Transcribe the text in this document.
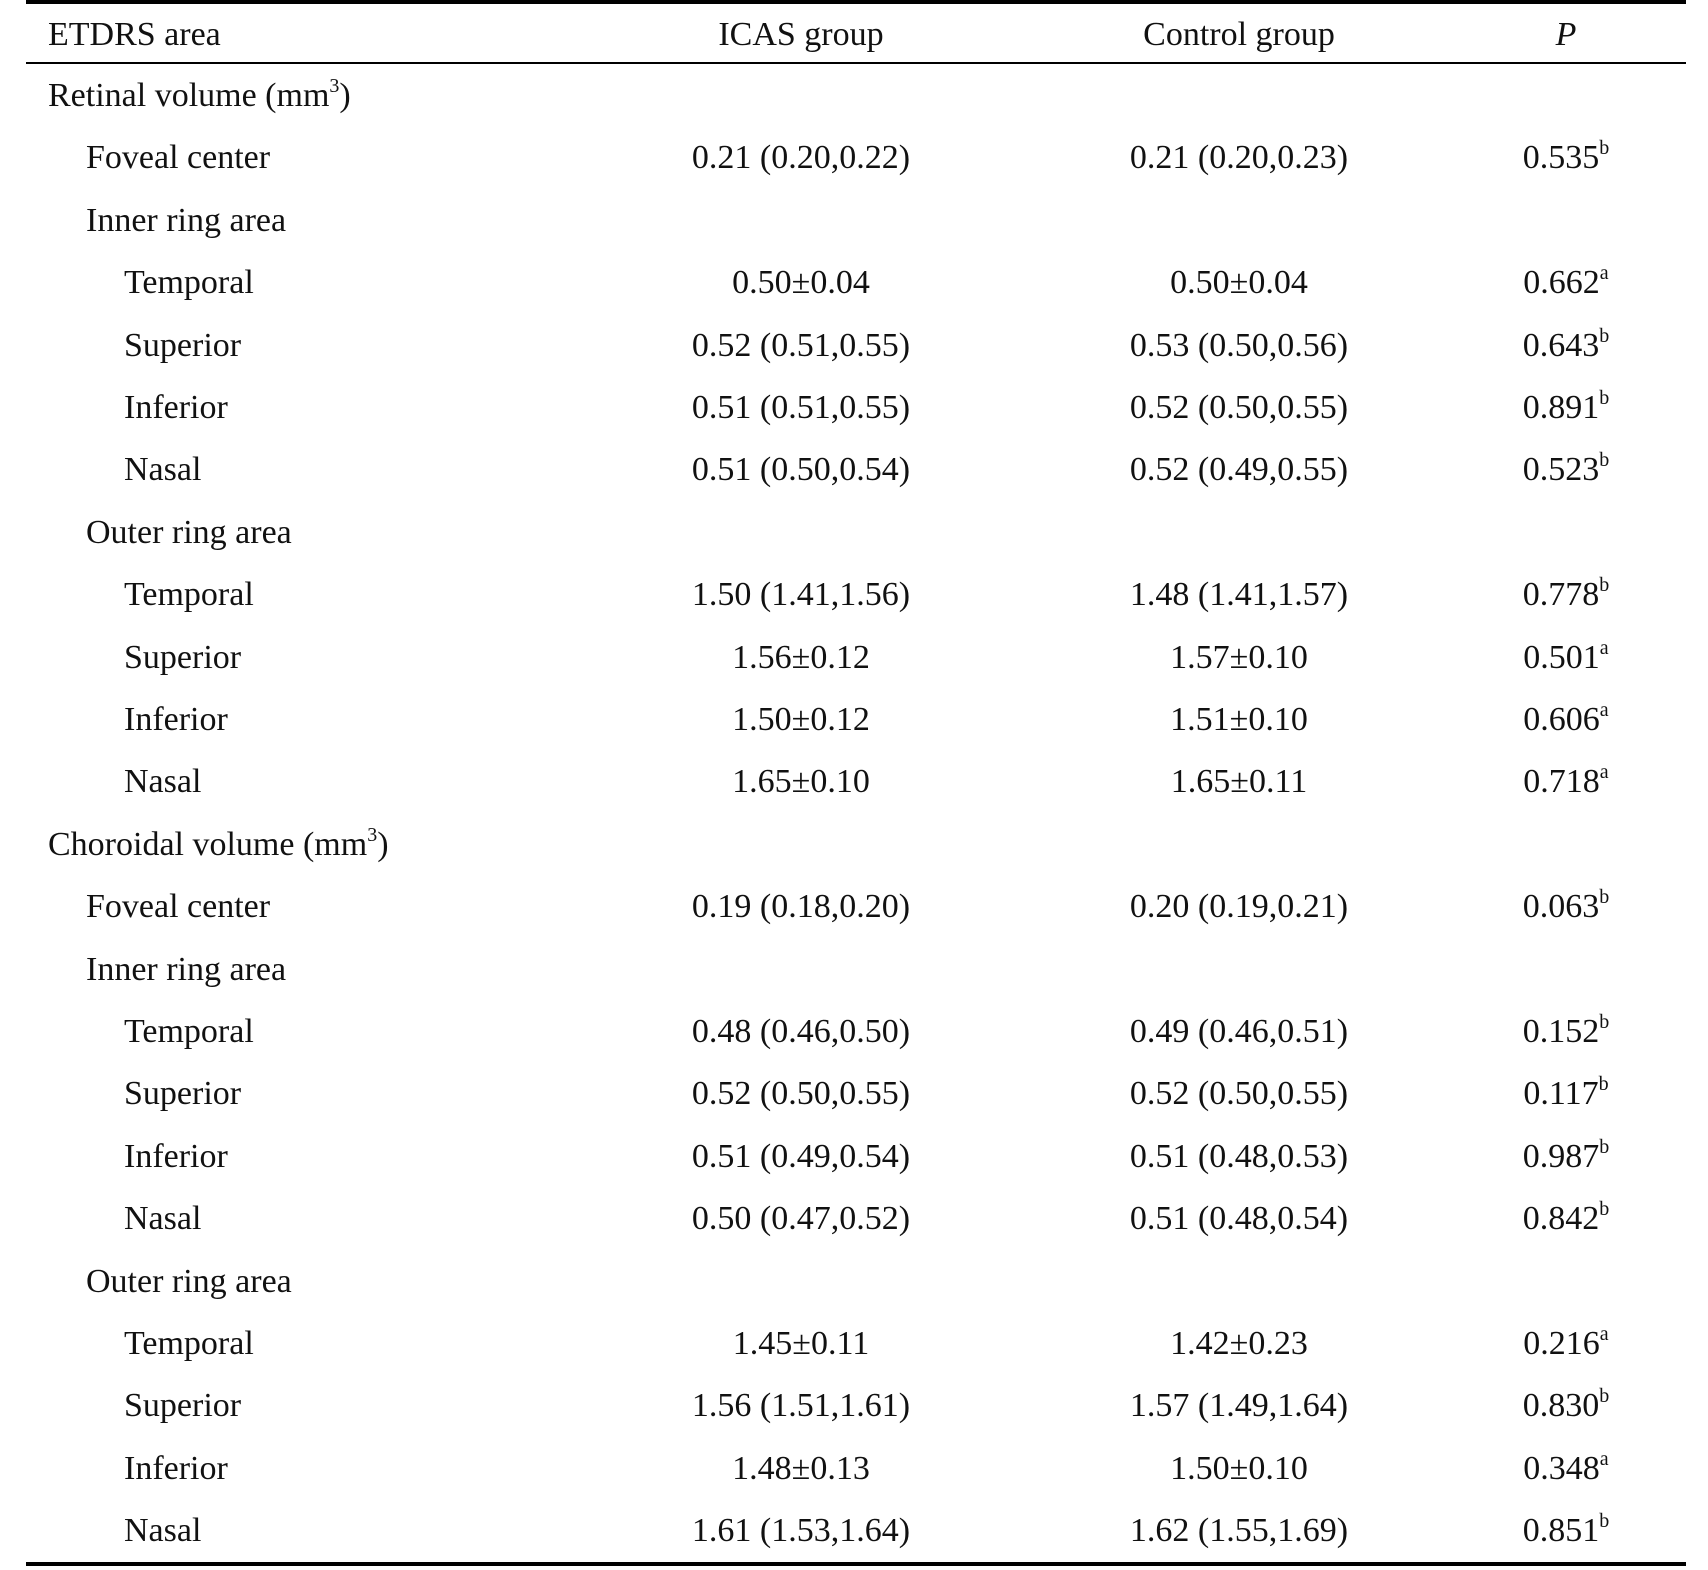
ETDRS area	ICAS group	Control group	P
Retinal volume $(mm^3)$
Foveal center	0.21 (0.20,0.22)	0.21 (0.20,0.23)	0.535$^b$
Inner ring area
Temporal	0.50±0.04	0.50±0.04	0.662$^a$
Superior	0.52 (0.51,0.55)	0.53 (0.50,0.56)	0.643$^b$
Inferior	0.51 (0.51,0.55)	0.52 (0.50,0.55)	0.891$^b$
Nasal	0.51 (0.50,0.54)	0.52 (0.49,0.55)	0.523$^b$
Outer ring area
Temporal	1.50 (1.41,1.56)	1.48 (1.41,1.57)	0.778$^b$
Superior	1.56±0.12	1.57±0.10	0.501$^a$
Inferior	1.50±0.12	1.51±0.10	0.606$^a$
Nasal	1.65±0.10	1.65±0.11	0.718$^a$
Choroidal volume $(mm^3)$
Foveal center	0.19 (0.18,0.20)	0.20 (0.19,0.21)	0.063$^b$
Inner ring area
Temporal	0.48 (0.46,0.50)	0.49 (0.46,0.51)	0.152$^b$
Superior	0.52 (0.50,0.55)	0.52 (0.50,0.55)	0.117$^b$
Inferior	0.51 (0.49,0.54)	0.51 (0.48,0.53)	0.987$^b$
Nasal	0.50 (0.47,0.52)	0.51 (0.48,0.54)	0.842$^b$
Outer ring area
Temporal	1.45±0.11	1.42±0.23	0.216$^a$
Superior	1.56 (1.51,1.61)	1.57 (1.49,1.64)	0.830$^b$
Inferior	1.48±0.13	1.50±0.10	0.348$^a$
Nasal	1.61 (1.53,1.64)	1.62 (1.55,1.69)	0.851$^b$
